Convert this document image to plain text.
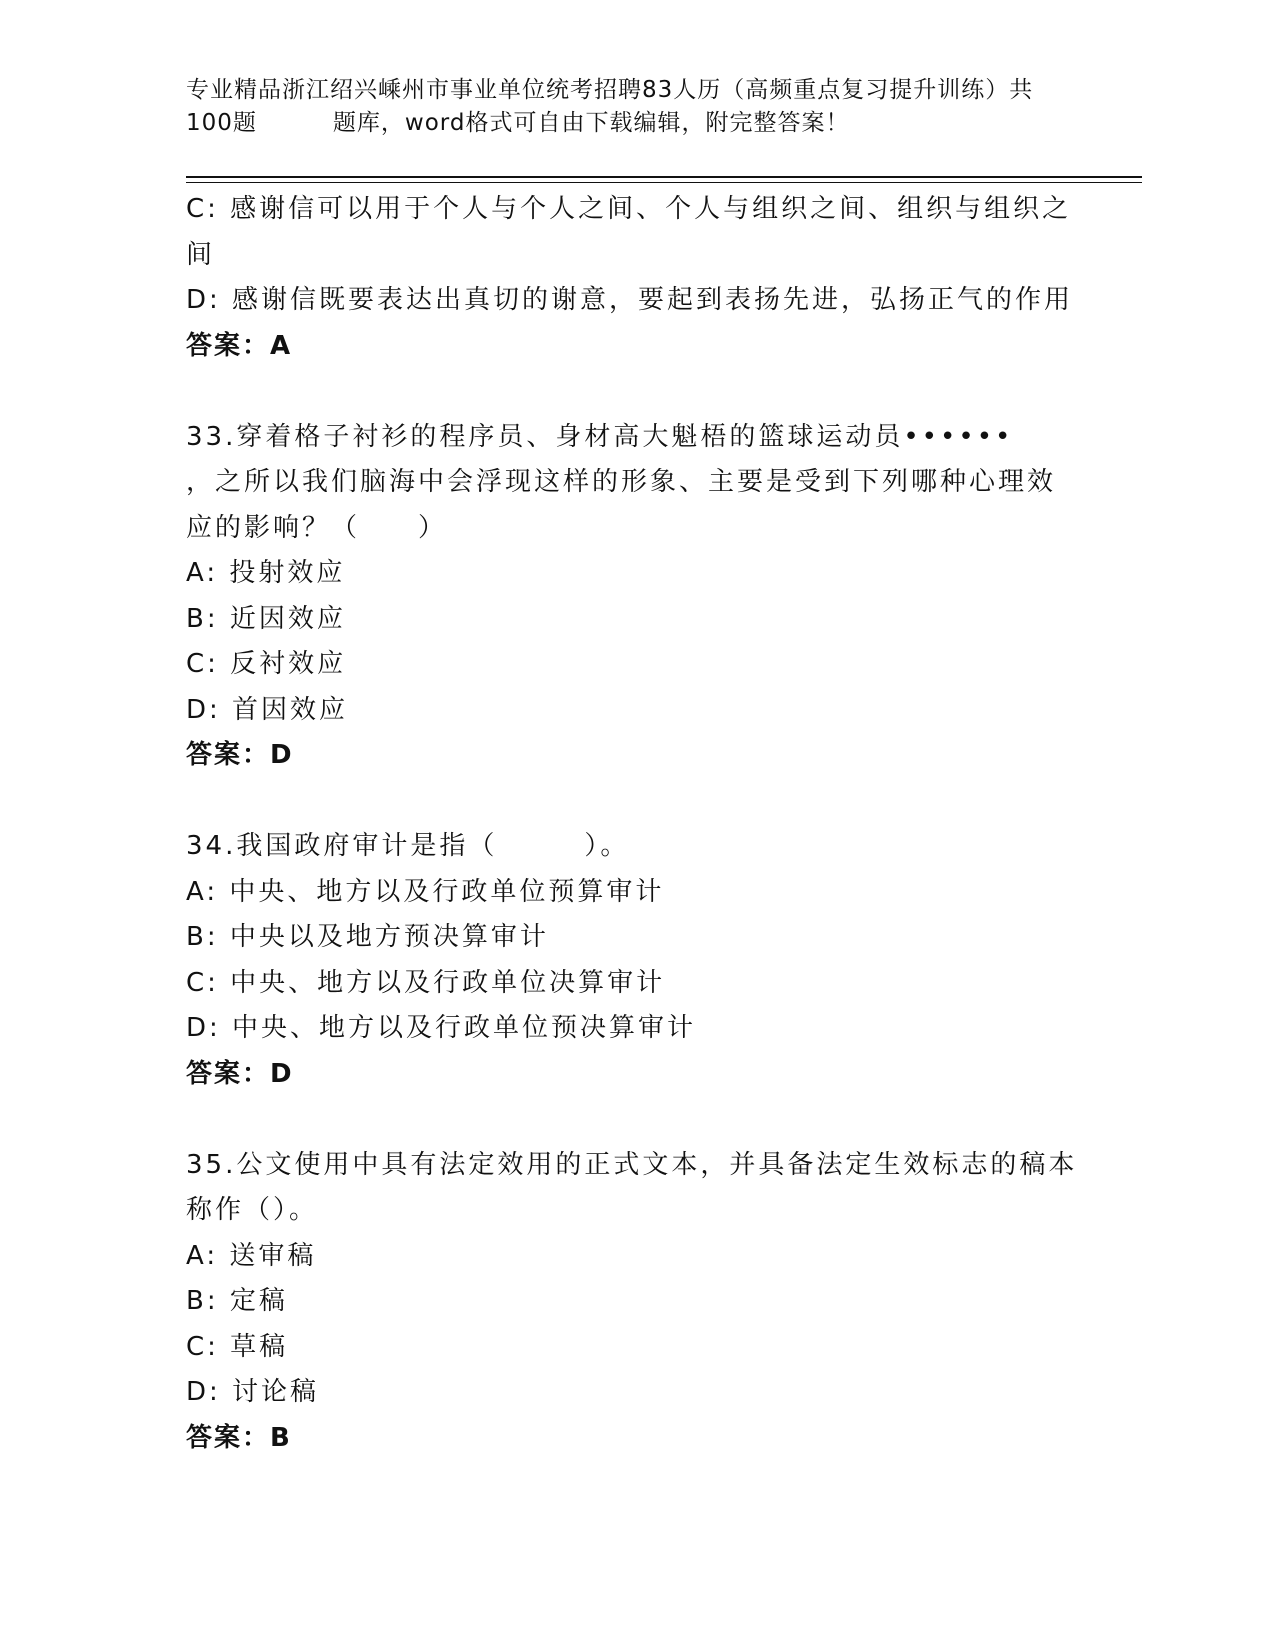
专业精品浙江绍兴嵊州市事业单位统考招聘83人历（高频重点复习提升训练）共
100题	题库，word格式可自由下载编辑，附完整答案！
C: 感谢信可以用于个人与个人之间、个人与组织之间、组织与组织之
间
D: 感谢信既要表达出真切的谢意，要起到表扬先进，弘扬正气的作用
答案：A
33.穿着格子衬衫的程序员、身材高大魁梧的篮球运动员••••••
，之所以我们脑海中会浮现这样的形象、主要是受到下列哪种心理效
应的影响？（　　）
A: 投射效应
B: 近因效应
C: 反衬效应
D: 首因效应
答案：D
34.我国政府审计是指（　　　）。
A: 中央、地方以及行政单位预算审计
B: 中央以及地方预决算审计
C: 中央、地方以及行政单位决算审计
D: 中央、地方以及行政单位预决算审计
答案：D
35.公文使用中具有法定效用的正式文本，并具备法定生效标志的稿本
称作（）。
A: 送审稿
B: 定稿
C: 草稿
D: 讨论稿
答案：B
